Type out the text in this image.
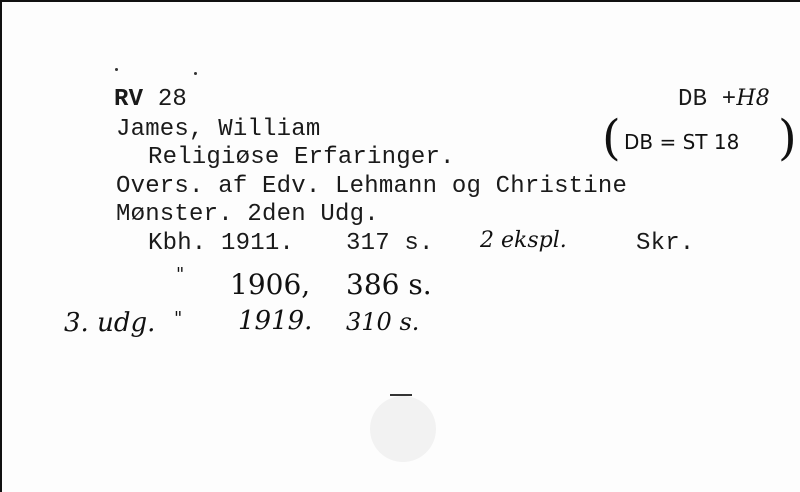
RV 28	DB +H8
James, William
Religiøse Erfaringer.	( DB = ST 18 )
Overs. af Edv. Lehmann og Christine
Mønster. 2den Udg.
Kbh. 1911. 317 s. 2 ekspl.	Skr.
" 1906, 386 s.
3. udg. " 1919. 310 s.
